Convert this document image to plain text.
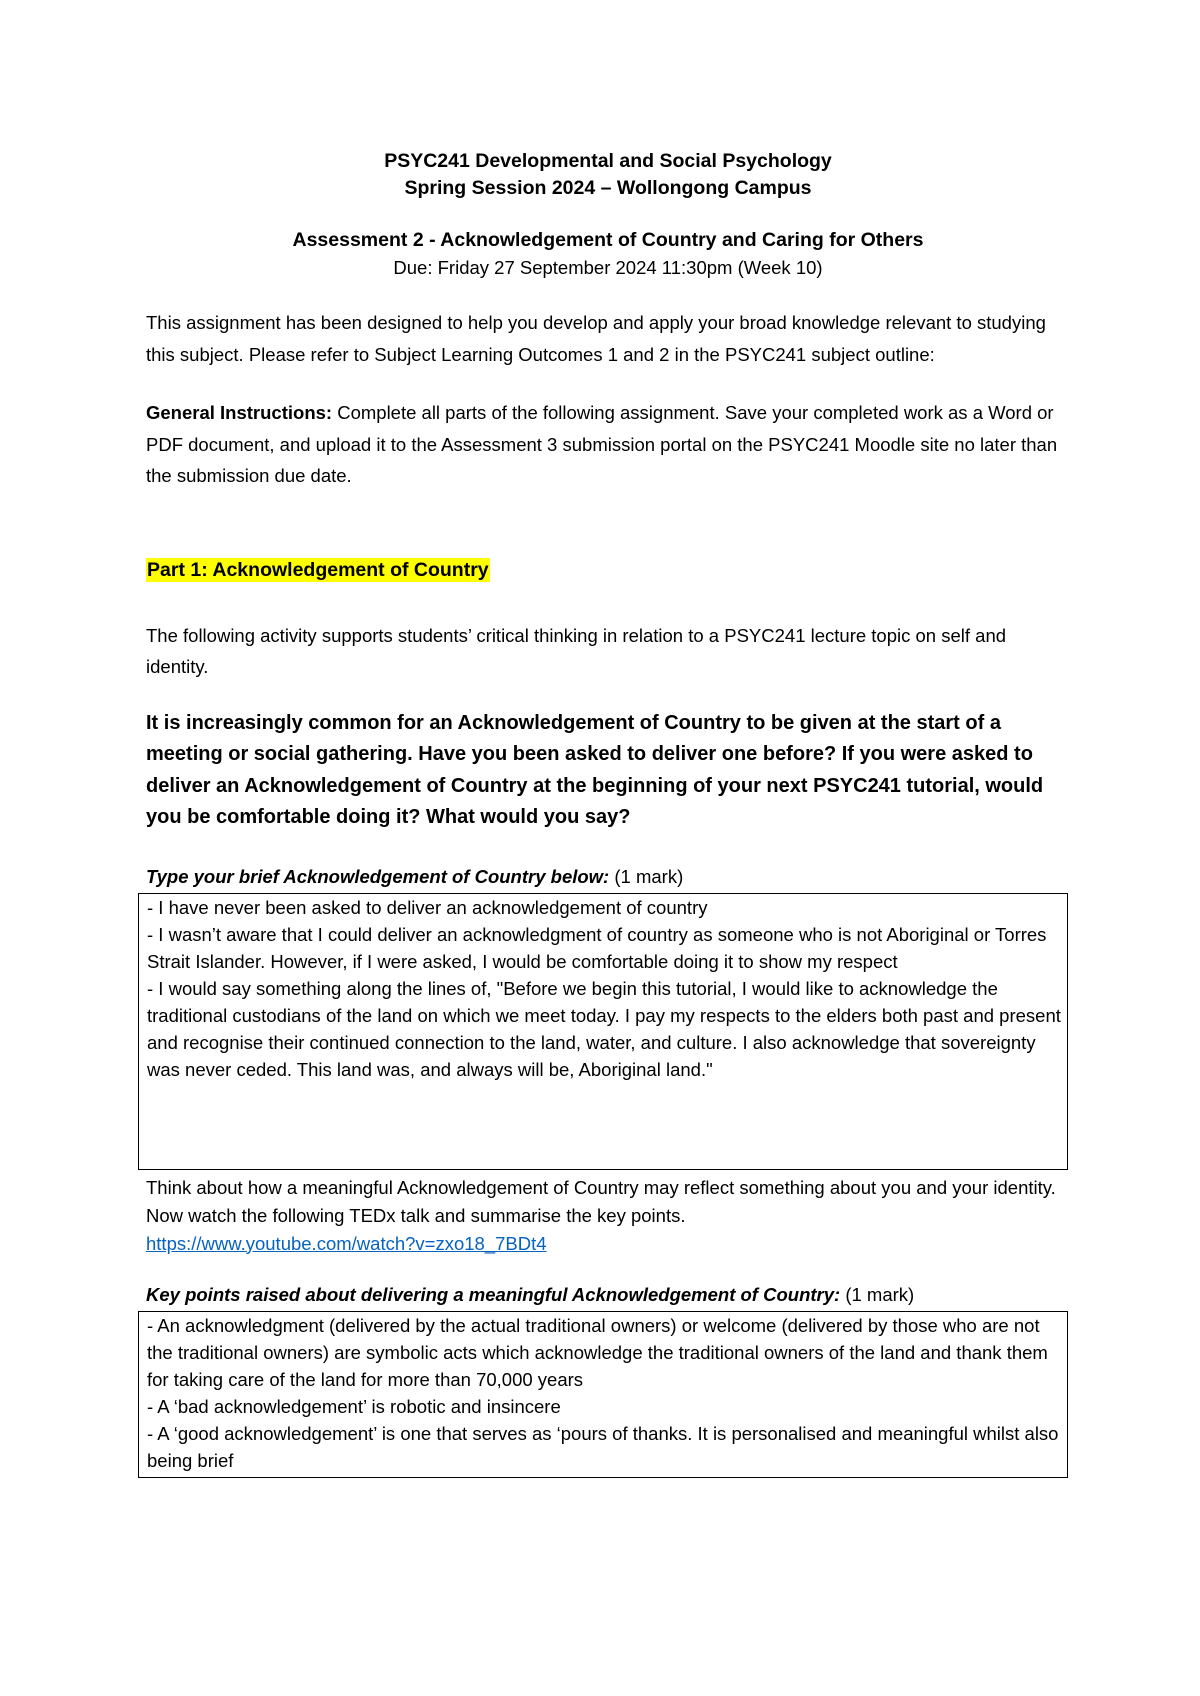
PSYC241 Developmental and Social Psychology
Spring Session 2024 – Wollongong Campus
Assessment 2 - Acknowledgement of Country and Caring for Others
Due: Friday 27 September 2024 11:30pm (Week 10)

This assignment has been designed to help you develop and apply your broad knowledge relevant to studying this subject. Please refer to Subject Learning Outcomes 1 and 2 in the PSYC241 subject outline:

General Instructions: Complete all parts of the following assignment. Save your completed work as a Word or PDF document, and upload it to the Assessment 3 submission portal on the PSYC241 Moodle site no later than the submission due date.

Part 1: Acknowledgement of Country

The following activity supports students’ critical thinking in relation to a PSYC241 lecture topic on self and identity.

It is increasingly common for an Acknowledgement of Country to be given at the start of a meeting or social gathering. Have you been asked to deliver one before? If you were asked to deliver an Acknowledgement of Country at the beginning of your next PSYC241 tutorial, would you be comfortable doing it? What would you say?

Type your brief Acknowledgement of Country below: (1 mark)

- I have never been asked to deliver an acknowledgement of country

- I wasn’t aware that I could deliver an acknowledgment of country as someone who is not Aboriginal or Torres Strait Islander. However, if I were asked, I would be comfortable doing it to show my respect

- I would say something along the lines of, "Before we begin this tutorial, I would like to acknowledge the traditional custodians of the land on which we meet today. I pay my respects to the elders both past and present and recognise their continued connection to the land, water, and culture. I also acknowledge that sovereignty was never ceded. This land was, and always will be, Aboriginal land."

Think about how a meaningful Acknowledgement of Country may reflect something about you and your identity. Now watch the following TEDx talk and summarise the key points.
https://www.youtube.com/watch?v=zxo18_7BDt4

Key points raised about delivering a meaningful Acknowledgement of Country: (1 mark)

- An acknowledgment (delivered by the actual traditional owners) or welcome (delivered by those who are not the traditional owners) are symbolic acts which acknowledge the traditional owners of the land and thank them for taking care of the land for more than 70,000 years

- A ‘bad acknowledgement’ is robotic and insincere

- A ‘good acknowledgement’ is one that serves as ‘pours of thanks. It is personalised and meaningful whilst also being brief
